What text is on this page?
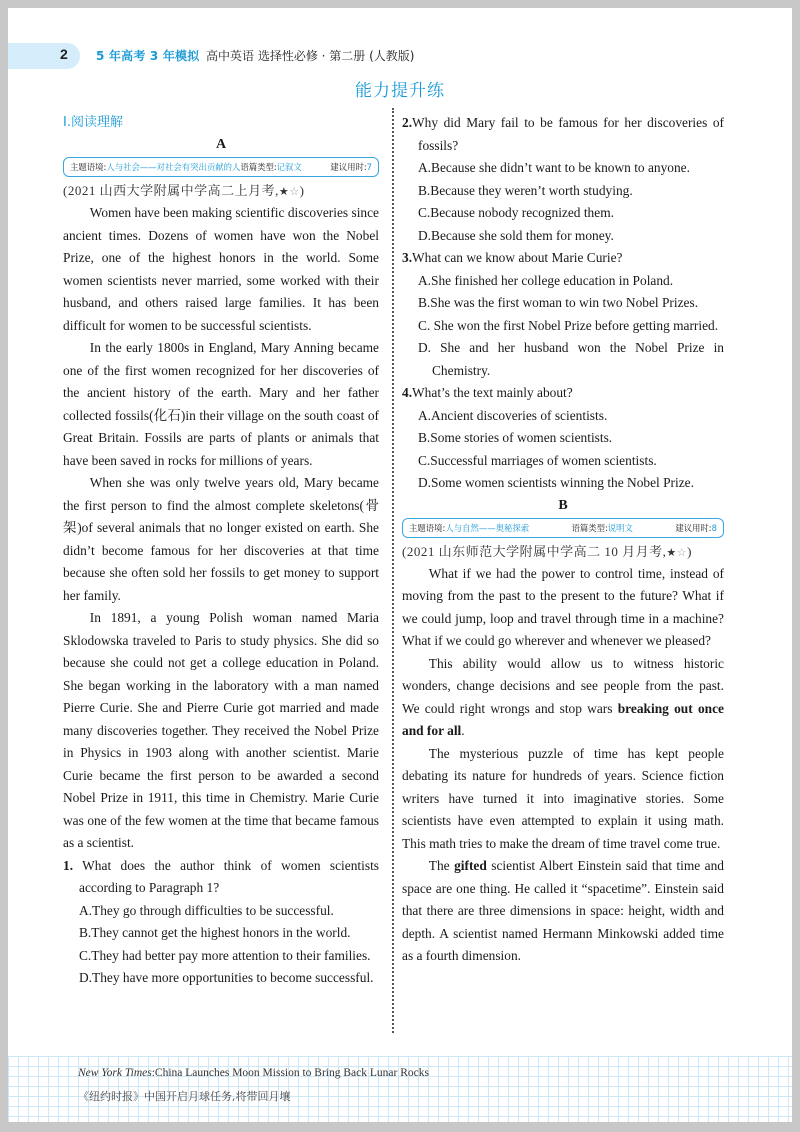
2 5 年高考 3 年模拟 高中英语 选择性必修 · 第二册 (人教版)
能力提升练
Ⅰ.阅读理解
A
主题语境:人与社会——对社会有突出贡献的人语篇类型:记叙文	建议用时:7
(2021 山西大学附属中学高二上月考,★☆)

Women have been making scientific discoveries since ancient times. Dozens of women have won the Nobel Prize, one of the highest honors in the world. Some women scientists never married, some worked with their husband, and others raised large families. It has been difficult for women to be successful scientists.

In the early 1800s in England, Mary Anning became one of the first women recognized for her discoveries of the ancient history of the earth. Mary and her father collected fossils(化石)in their village on the south coast of Great Britain. Fossils are parts of plants or animals that have been saved in rocks for millions of years.

When she was only twelve years old, Mary became the first person to find the almost complete skeletons(骨架)of several animals that no longer existed on earth. She didn’t become famous for her discoveries at that time because she often sold her fossils to get money to support her family.

In 1891, a young Polish woman named Maria Sklodowska traveled to Paris to study physics. She did so because she could not get a college education in Poland. She began working in the laboratory with a man named Pierre Curie. She and Pierre Curie got married and made many discoveries together. They received the Nobel Prize in Physics in 1903 along with another scientist. Marie Curie became the first person to be awarded a second Nobel Prize in 1911, this time in Chemistry. Marie Curie was one of the few women at the time that became famous as a scientist.

1. What does the author think of women scientists according to Paragraph 1?
A.They go through difficulties to be successful.
B.They cannot get the highest honors in the world.
C.They had better pay more attention to their families.
D.They have more opportunities to become successful.
2.Why did Mary fail to be famous for her discoveries of fossils?
A.Because she didn’t want to be known to anyone.
B.Because they weren’t worth studying.
C.Because nobody recognized them.
D.Because she sold them for money.
3.What can we know about Marie Curie?
A.She finished her college education in Poland.
B.She was the first woman to win two Nobel Prizes.
C. She won the first Nobel Prize before getting married.
D. She and her husband won the Nobel Prize in Chemistry.
4.What’s the text mainly about?
A.Ancient discoveries of scientists.
B.Some stories of women scientists.
C.Successful marriages of women scientists.
D.Some women scientists winning the Nobel Prize.
B
主题语境:人与自然——奥秘探索	语篇类型:说明文	建议用时:8
(2021 山东师范大学附属中学高二 10 月月考,★☆)

What if we had the power to control time, instead of moving from the past to the present to the future? What if we could jump, loop and travel through time in a machine? What if we could go wherever and whenever we pleased?

This ability would allow us to witness historic wonders, change decisions and see people from the past. We could right wrongs and stop wars breaking out once and for all.

The mysterious puzzle of time has kept people debating its nature for hundreds of years. Science fiction writers have turned it into imaginative stories. Some scientists have even attempted to explain it using math. This math tries to make the dream of time travel come true.

The gifted scientist Albert Einstein said that time and space are one thing. He called it “spacetime”. Einstein said that there are three dimensions in space: height, width and depth. A scientist named Hermann Minkowski added time as a fourth dimension.

New York Times:China Launches Moon Mission to Bring Back Lunar Rocks
《纽约时报》中国开启月球任务,将带回月壤
